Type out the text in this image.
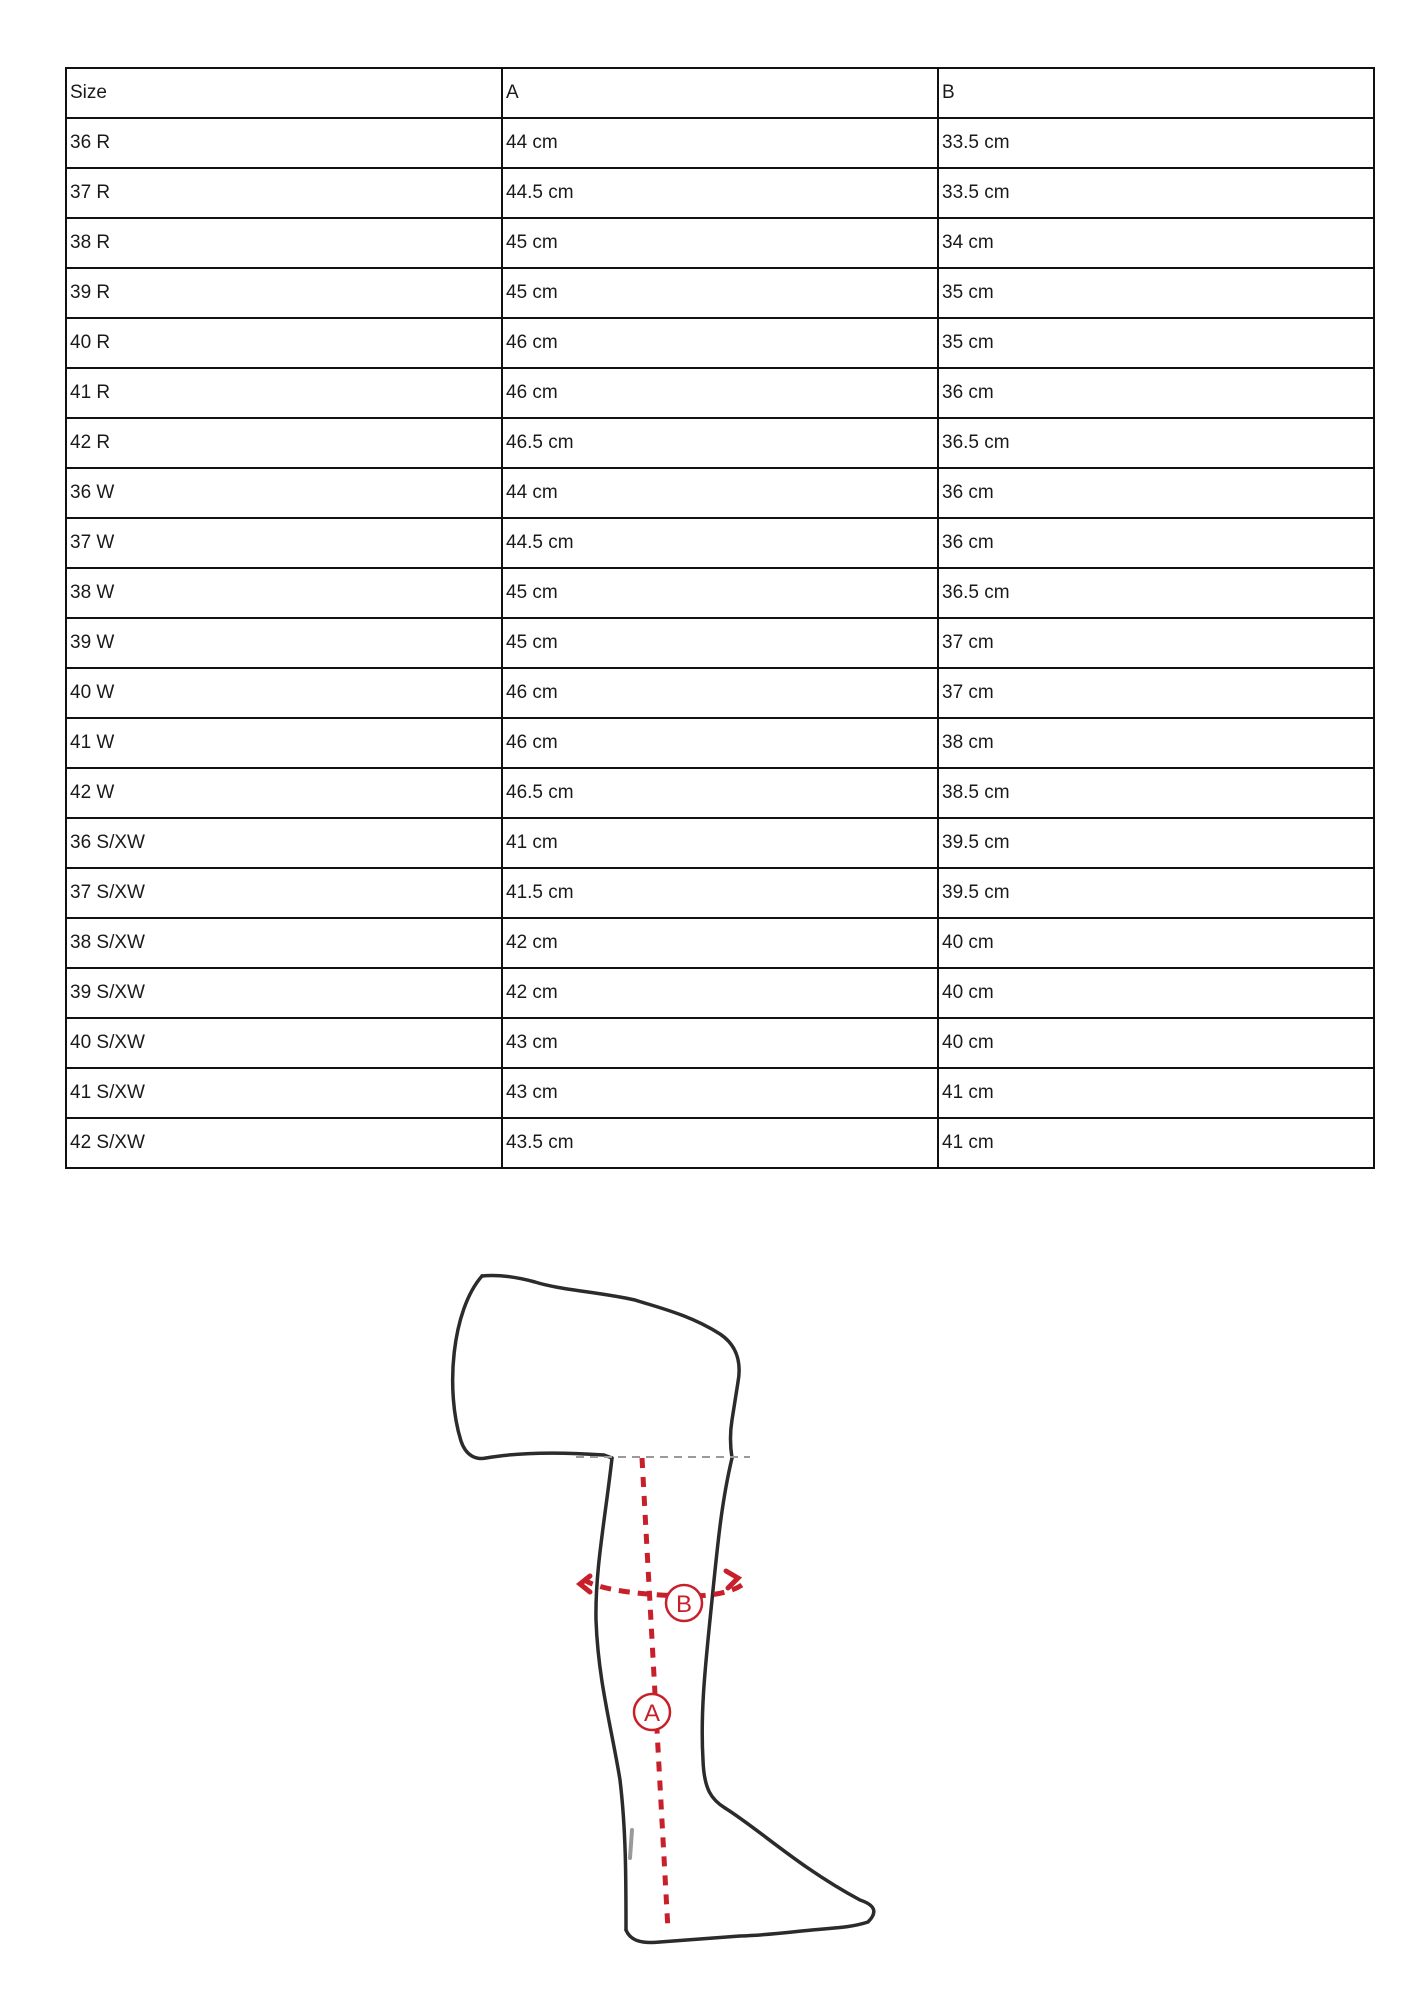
Size	A	B
36 R	44 cm	33.5 cm
37 R	44.5 cm	33.5 cm
38 R	45 cm	34 cm
39 R	45 cm	35 cm
40 R	46 cm	35 cm
41 R	46 cm	36 cm
42 R	46.5 cm	36.5 cm
36 W	44 cm	36 cm
37 W	44.5 cm	36 cm
38 W	45 cm	36.5 cm
39 W	45 cm	37 cm
40 W	46 cm	37 cm
41 W	46 cm	38 cm
42 W	46.5 cm	38.5 cm
36 S/XW	41 cm	39.5 cm
37 S/XW	41.5 cm	39.5 cm
38 S/XW	42 cm	40 cm
39 S/XW	42 cm	40 cm
40 S/XW	43 cm	40 cm
41 S/XW	43 cm	41 cm
42 S/XW	43.5 cm	41 cm
B
A
